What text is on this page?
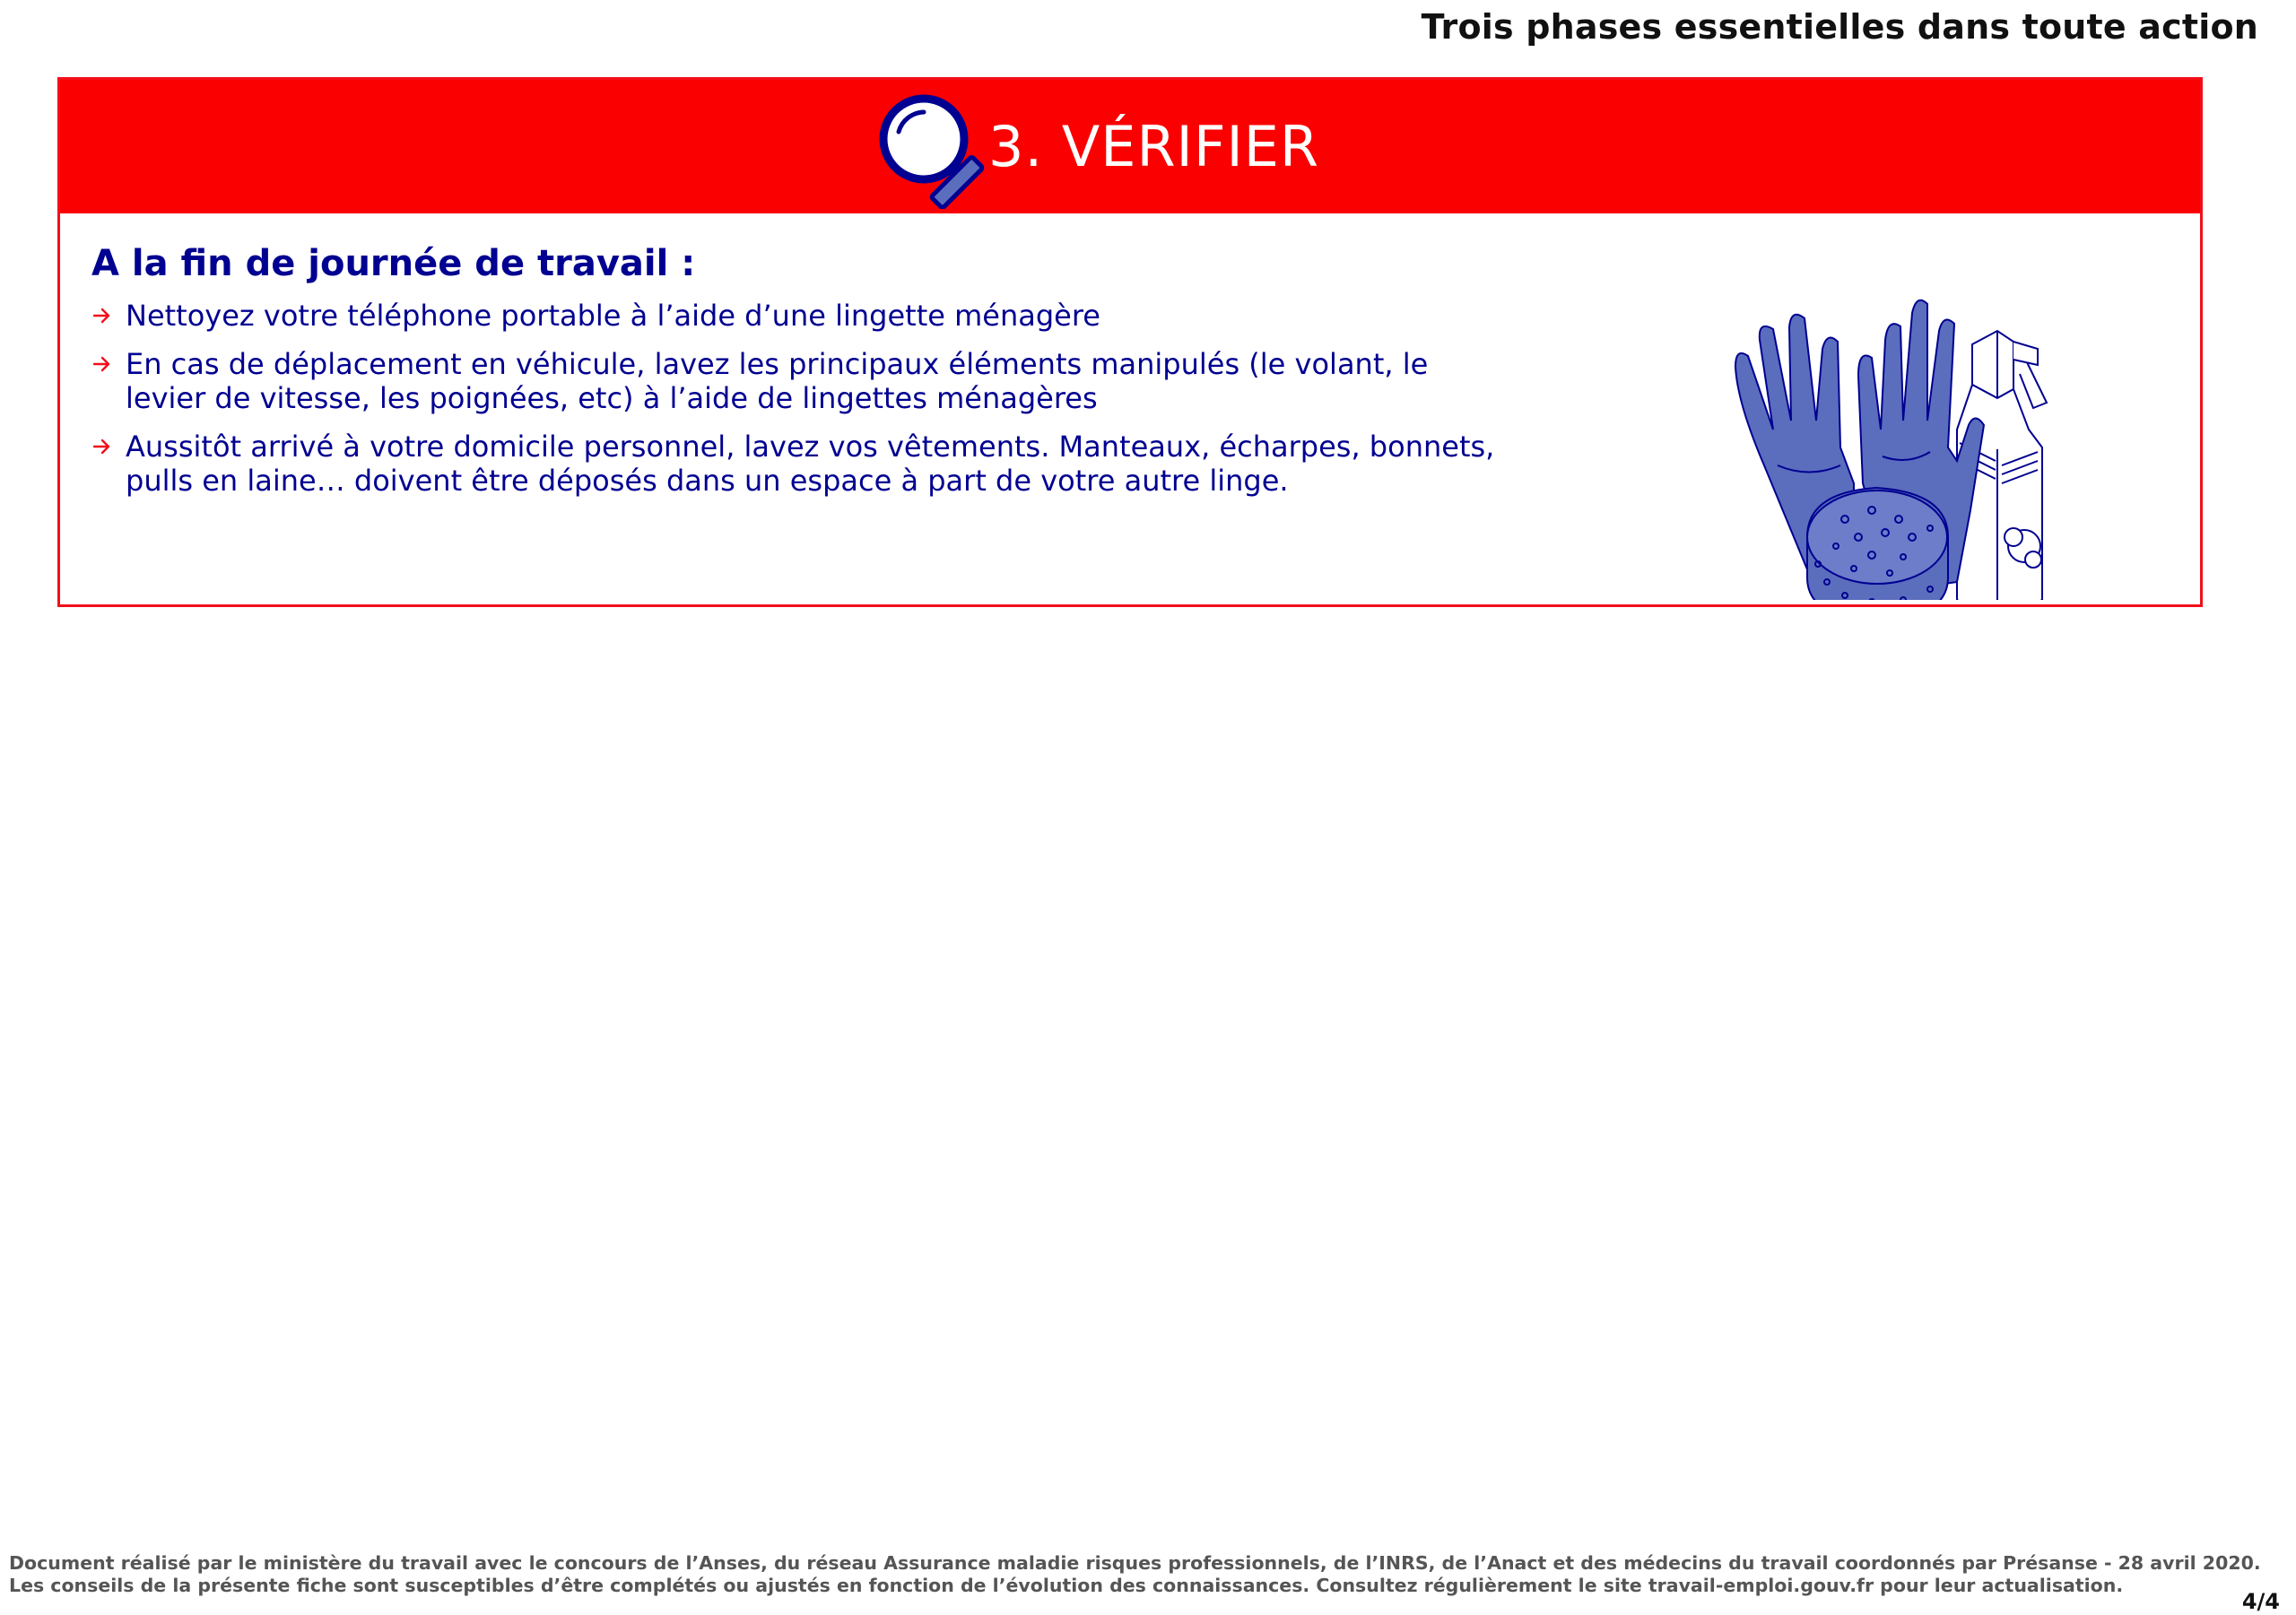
Trois phases essentielles dans toute action
3. VÉRIFIER
A la fin de journée de travail :
Nettoyez votre téléphone portable à l’aide d’une lingette ménagère
En cas de déplacement en véhicule, lavez les principaux éléments manipulés (le volant, le levier de vitesse, les poignées, etc) à l’aide de lingettes ménagères
Aussitôt arrivé à votre domicile personnel, lavez vos vêtements. Manteaux, écharpes, bonnets, pulls en laine… doivent être déposés dans un espace à part de votre autre linge.

Document réalisé par le ministère du travail avec le concours de l’Anses, du réseau Assurance maladie risques professionnels, de l’INRS, de l’Anact et des médecins du travail coordonnés par Présanse - 28 avril 2020.

Les conseils de la présente fiche sont susceptibles d’être complétés ou ajustés en fonction de l’évolution des connaissances. Consultez régulièrement le site travail-emploi.gouv.fr pour leur actualisation.

4/4
